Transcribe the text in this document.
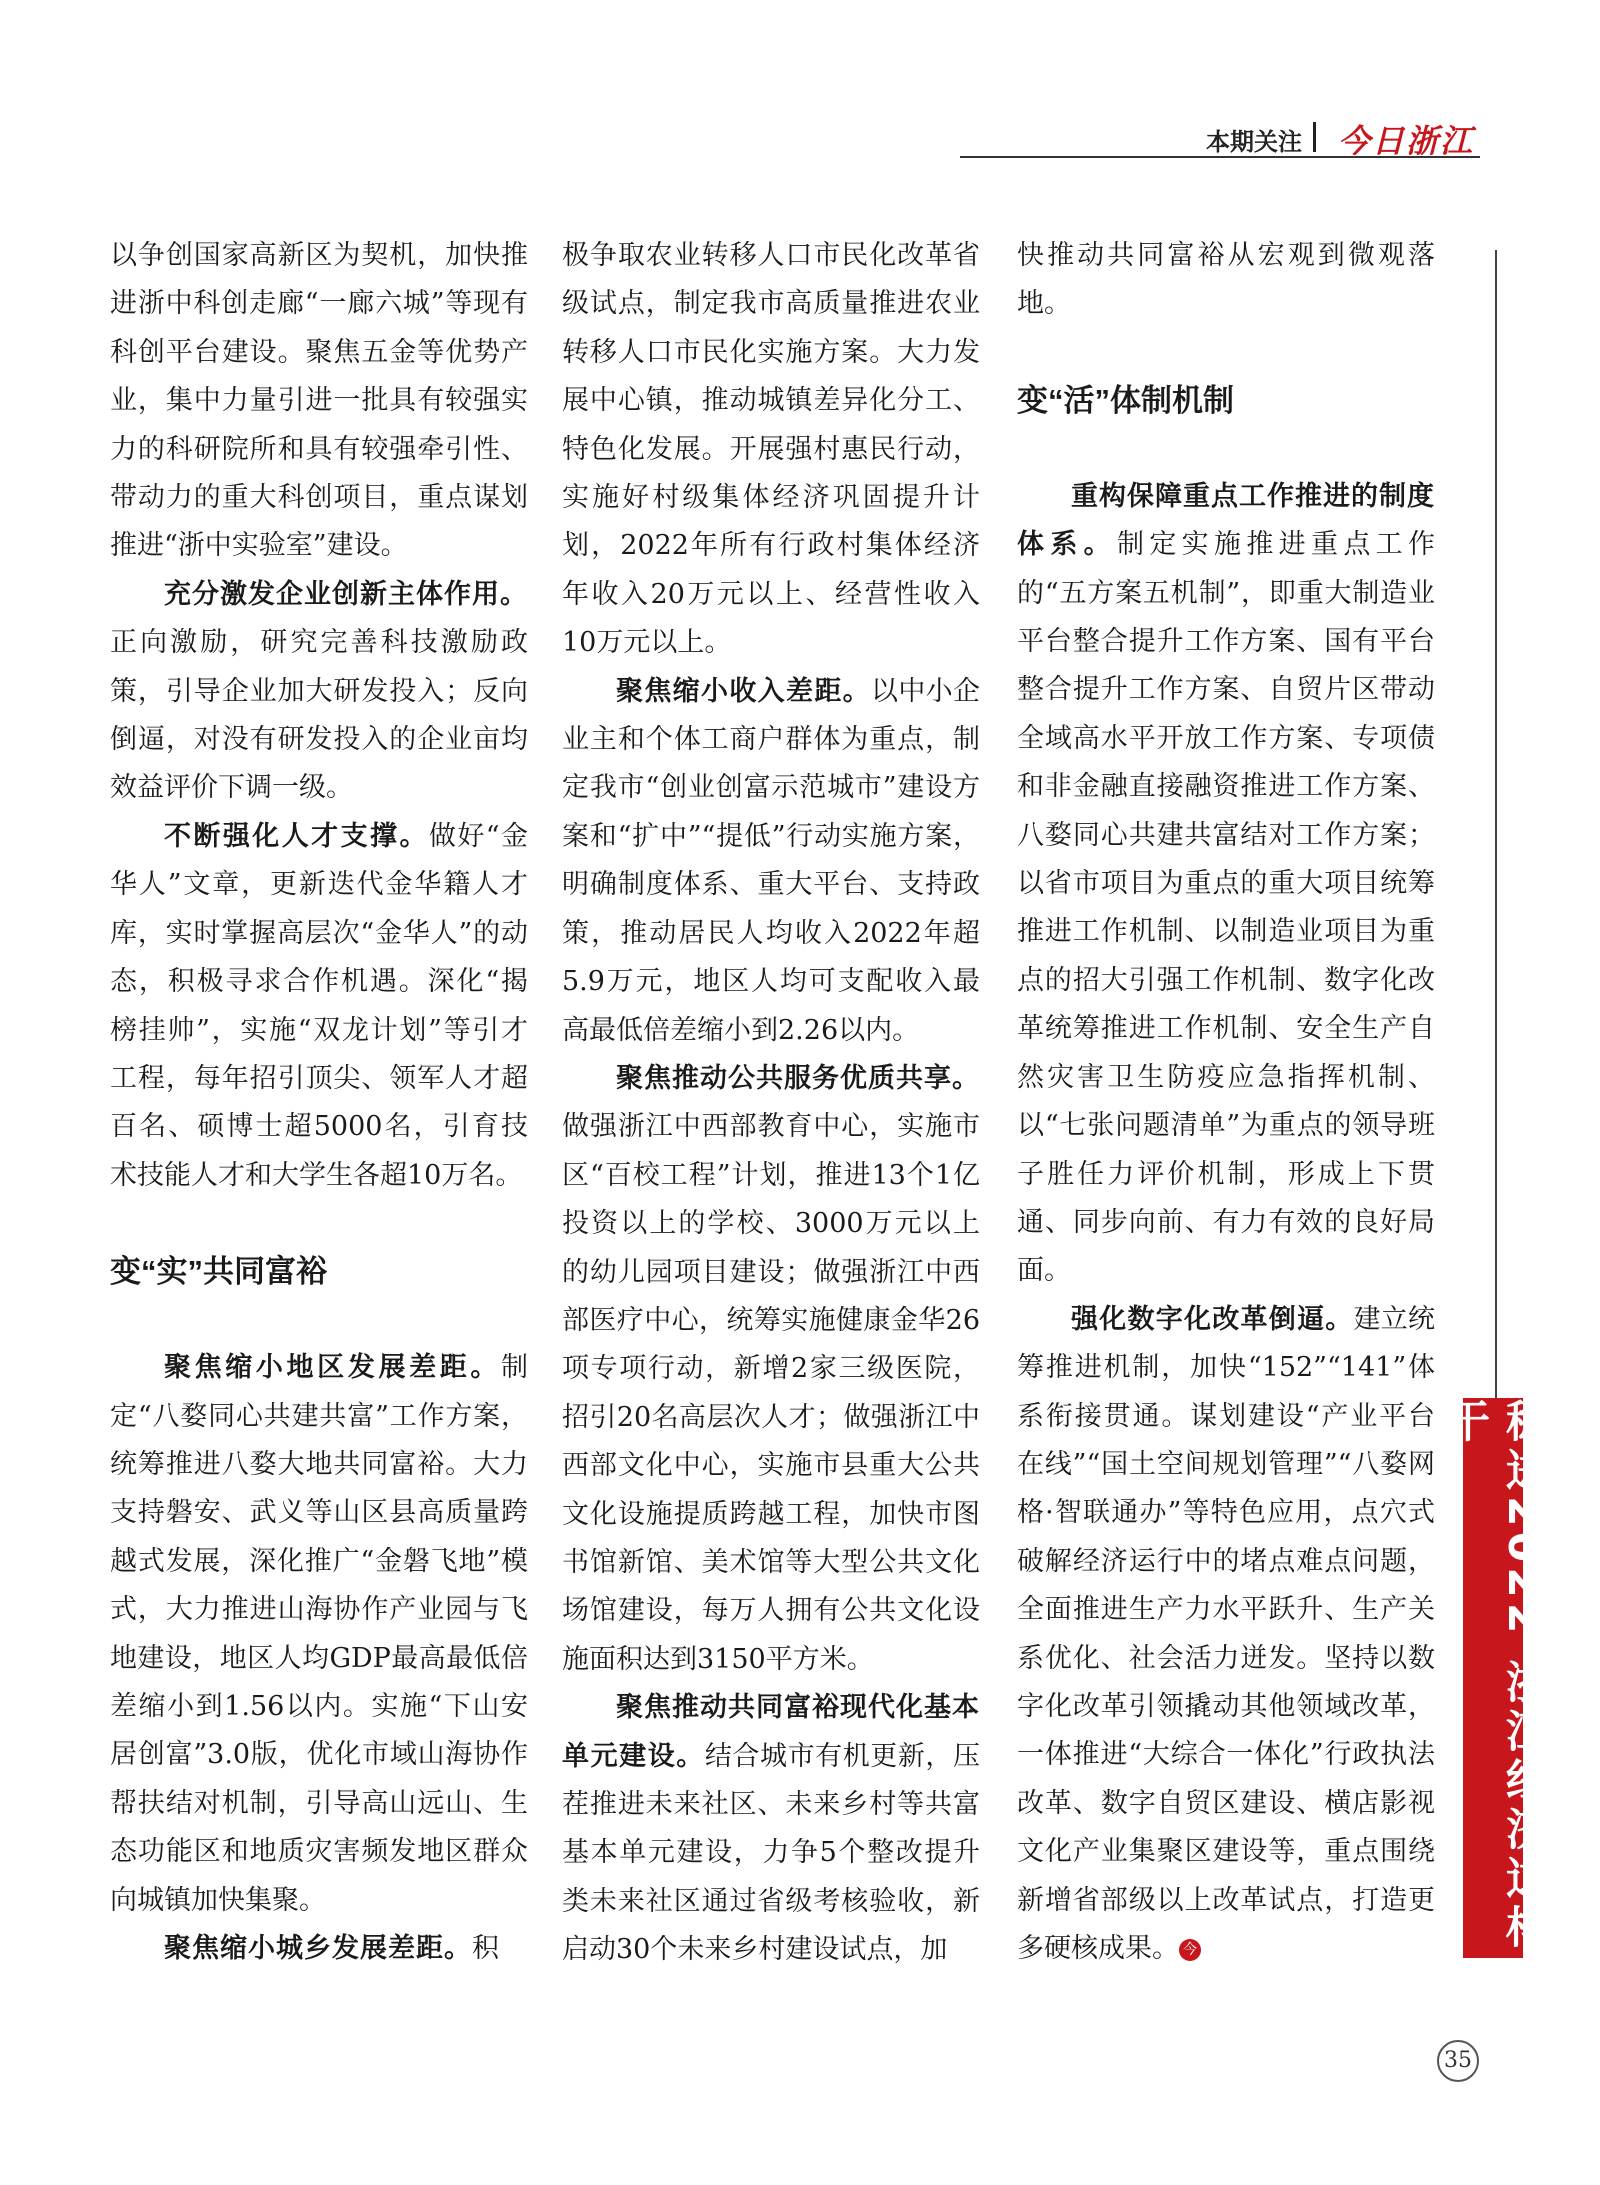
本期关注 今日浙江

以争创国家高新区为契机，加快推进浙中科创走廊“一廊六城”等现有科创平台建设。聚焦五金等优势产业，集中力量引进一批具有较强实力的科研院所和具有较强牵引性、带动力的重大科创项目，重点谋划推进“浙中实验室”建设。

充分激发企业创新主体作用。正向激励，研究完善科技激励政策，引导企业加大研发投入；反向倒逼，对没有研发投入的企业亩均效益评价下调一级。

不断强化人才支撑。做好“金华人”文章，更新迭代金华籍人才库，实时掌握高层次“金华人”的动态，积极寻求合作机遇。深化“揭榜挂帅”，实施“双龙计划”等引才工程，每年招引顶尖、领军人才超百名、硕博士超5000名，引育技术技能人才和大学生各超10万名。

变“实”共同富裕

聚焦缩小地区发展差距。制定“八婺同心共建共富”工作方案，统筹推进八婺大地共同富裕。大力支持磐安、武义等山区县高质量跨越式发展，深化推广“金磐飞地”模式，大力推进山海协作产业园与飞地建设，地区人均GDP最高最低倍差缩小到1.56以内。实施“下山安居创富”3.0版，优化市域山海协作帮扶结对机制，引导高山远山、生态功能区和地质灾害频发地区群众向城镇加快集聚。

聚焦缩小城乡发展差距。积

极争取农业转移人口市民化改革省级试点，制定我市高质量推进农业转移人口市民化实施方案。大力发展中心镇，推动城镇差异化分工、特色化发展。开展强村惠民行动，实施好村级集体经济巩固提升计划，2022年所有行政村集体经济年收入20万元以上、经营性收入10万元以上。

聚焦缩小收入差距。以中小企业主和个体工商户群体为重点，制定我市“创业创富示范城市”建设方案和“扩中”“提低”行动实施方案，明确制度体系、重大平台、支持政策，推动居民人均收入2022年超5.9万元，地区人均可支配收入最高最低倍差缩小到2.26以内。

聚焦推动公共服务优质共享。做强浙江中西部教育中心，实施市区“百校工程”计划，推进13个1亿投资以上的学校、3000万元以上的幼儿园项目建设；做强浙江中西部医疗中心，统筹实施健康金华26项专项行动，新增2家三级医院，招引20名高层次人才；做强浙江中西部文化中心，实施市县重大公共文化设施提质跨越工程，加快市图书馆新馆、美术馆等大型公共文化场馆建设，每万人拥有公共文化设施面积达到3150平方米。

聚焦推动共同富裕现代化基本单元建设。结合城市有机更新，压茬推进未来社区、未来乡村等共富基本单元建设，力争5个整改提升类未来社区通过省级考核验收，新启动30个未来乡村建设试点，加

快推动共同富裕从宏观到微观落地。

变“活”体制机制

重构保障重点工作推进的制度体系。制定实施推进重点工作的“五方案五机制”，即重大制造业平台整合提升工作方案、国有平台整合提升工作方案、自贸片区带动全域高水平开放工作方案、专项债和非金融直接融资推进工作方案、八婺同心共建共富结对工作方案；以省市项目为重点的重大项目统筹推进工作机制、以制造业项目为重点的招大引强工作机制、数字化改革统筹推进工作机制、安全生产自然灾害卫生防疫应急指挥机制、以“七张问题清单”为重点的领导班子胜任力评价机制，形成上下贯通、同步向前、有力有效的良好局面。

强化数字化改革倒逼。建立统筹推进机制，加快“152”“141”体系衔接贯通。谋划建设“产业平台在线”“国土空间规划管理”“八婺网格·智联通办”等特色应用，点穴式破解经济运行中的堵点难点问题，全面推进生产力水平跃升、生产关系优化、社会活力迸发。坚持以数字化改革引领撬动其他领域改革，一体推进“大综合一体化”行政执法改革、数字自贸区建设、横店影视文化产业集聚区建设等，重点围绕新增省部级以上改革试点，打造更多硬核成果。 今	稳进2022 浙江经济这样干
35
